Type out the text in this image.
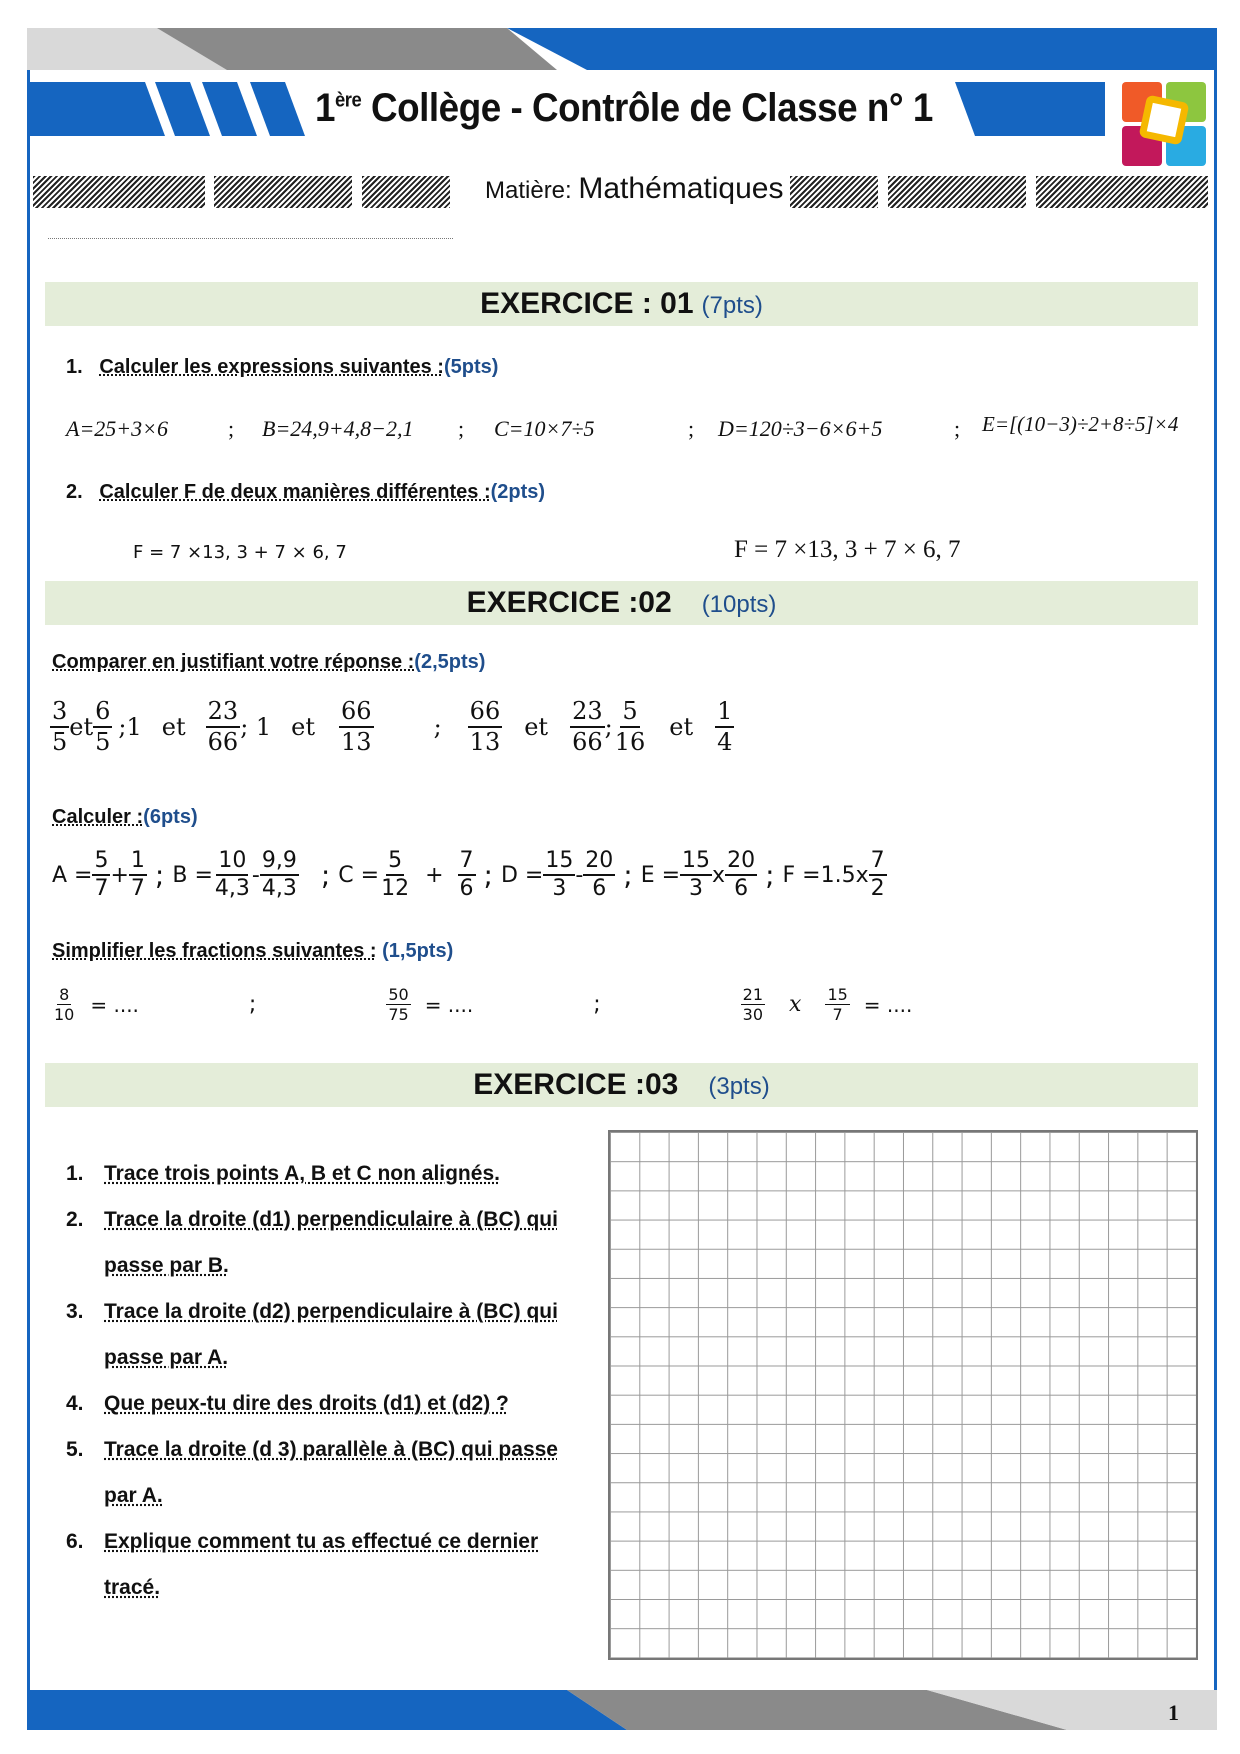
1ère Collège - Contrôle de Classe n° 1
Matière: Mathématiques
EXERCICE : 01 (7pts)
1. Calculer les expressions suivantes :(5pts)
A=25+3×6	; B=24,9+4,8−2,1 ; C=10×7÷5	; D=120÷3−6×6+5	; E=[(10−3)÷2+8÷5]×4
2. Calculer F de deux manières différentes :(2pts)
F = 7 ×13, 3 + 7 × 6, 7	F = 7 ×13, 3 + 7 × 6, 7
EXERCICE :02 (10pts)
Comparer en justifiant votre réponse :(2,5pts)
$\frac{3}{5}$ et $\frac{6}{5}$ ;1 et $\frac{23}{66}$ ; 1 et $\frac{66}{13}$	; $\frac{66}{13}$ et $\frac{23}{66}$ ; $\frac{5}{16}$ et $\frac{1}{4}$
Calculer :(6pts)
$A = \frac{5}{7} + \frac{1}{7}$ ; $B = \frac{10}{4,3} - \frac{9,9}{4,3}$ ; $C = \frac{5}{12} + \frac{7}{6}$ ; $D = \frac{15}{3} - \frac{20}{6}$ ; $E = \frac{15}{3}$ x $\frac{20}{6}$ ; $F =1.5x \frac{7}{2}$
Simplifier les fractions suivantes : (1,5pts)
$\frac{8}{10}$ = ....	;	$\frac{50}{75}$ = ....	;	$\frac{21}{30}$ x $\frac{15}{7}$ = ....
EXERCICE :03 (3pts)
1. Trace trois points A, B et C non alignés.
2. Trace la droite (d1) perpendiculaire à (BC) qui
passe par B.
3. Trace la droite (d2) perpendiculaire à (BC) qui
passe par A.
4. Que peux-tu dire des droits (d1) et (d2) ?
5. Trace la droite (d 3) parallèle à (BC) qui passe
par A.
6. Explique comment tu as effectué ce dernier
tracé.
1
